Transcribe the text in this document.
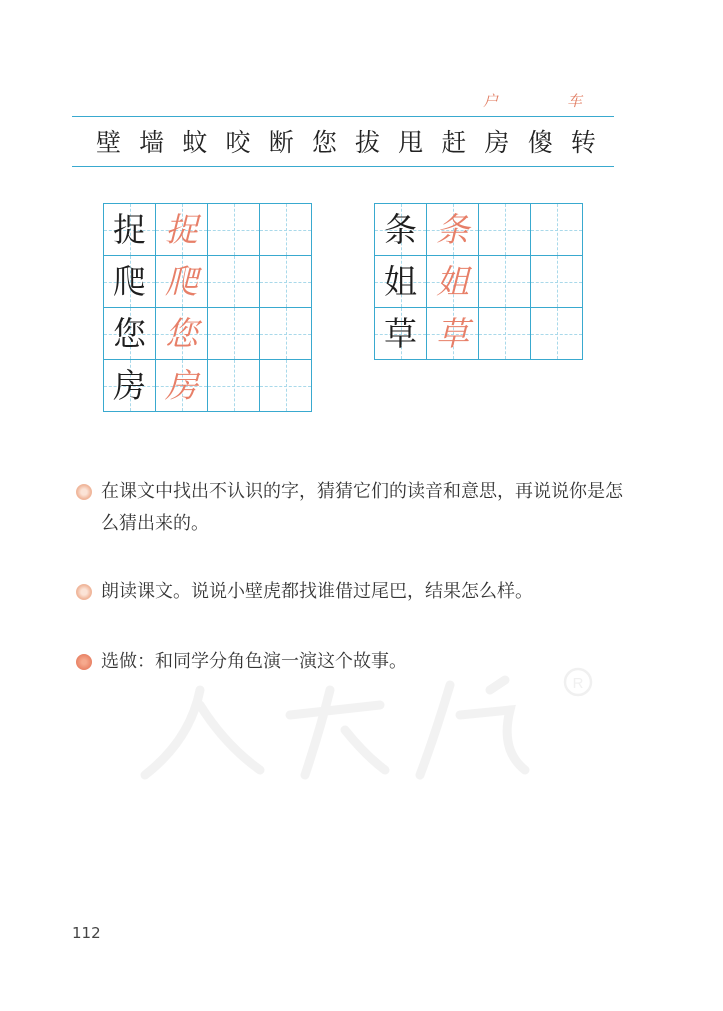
户	车
壁 墙 蚊 咬 断 您 拔 甩 赶 房 傻 转
捉 捉
爬 爬
您 您
房 房
条 条
姐 姐
草 草
在课文中找出不认识的字，猜猜它们的读音和意思，再说说你是怎么猜出来的。
朗读课文。说说小壁虎都找谁借过尾巴，结果怎么样。
选做：和同学分角色演一演这个故事。
R
112
